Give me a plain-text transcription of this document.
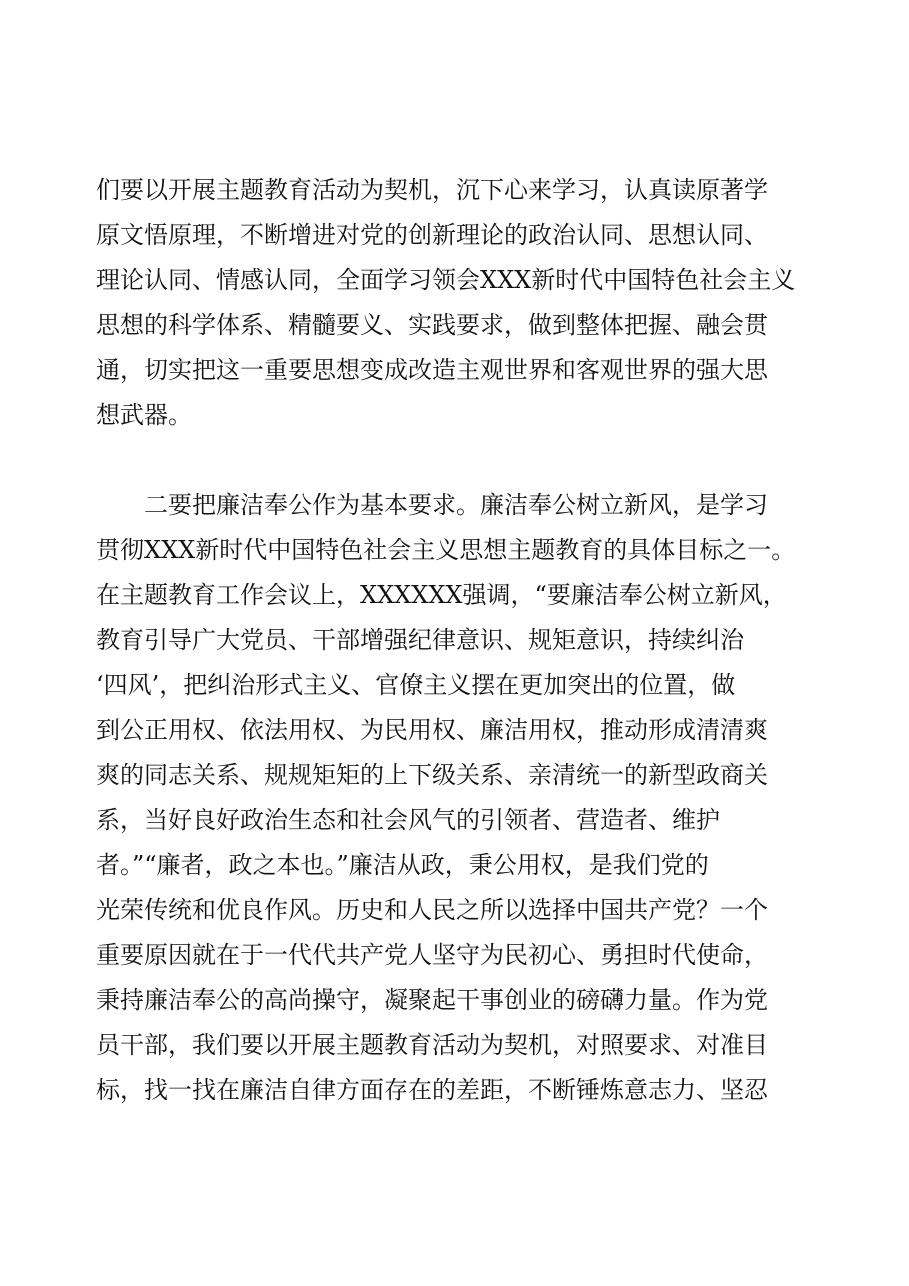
们要以开展主题教育活动为契机，沉下心来学习，认真读原著学
原文悟原理，不断增进对党的创新理论的政治认同、思想认同、
理论认同、情感认同，全面学习领会XXX新时代中国特色社会主义
思想的科学体系、精髓要义、实践要求，做到整体把握、融会贯
通，切实把这一重要思想变成改造主观世界和客观世界的强大思
想武器。
　　二要把廉洁奉公作为基本要求。廉洁奉公树立新风，是学习
贯彻XXX新时代中国特色社会主义思想主题教育的具体目标之一。
在主题教育工作会议上，XXXXXX强调，“要廉洁奉公树立新风，
教育引导广大党员、干部增强纪律意识、规矩意识，持续纠治
‘四风’，把纠治形式主义、官僚主义摆在更加突出的位置，做
到公正用权、依法用权、为民用权、廉洁用权，推动形成清清爽
爽的同志关系、规规矩矩的上下级关系、亲清统一的新型政商关
系，当好良好政治生态和社会风气的引领者、营造者、维护
者。”“廉者，政之本也。”廉洁从政，秉公用权，是我们党的
光荣传统和优良作风。历史和人民之所以选择中国共产党？一个
重要原因就在于一代代共产党人坚守为民初心、勇担时代使命，
秉持廉洁奉公的高尚操守，凝聚起干事创业的磅礴力量。作为党
员干部，我们要以开展主题教育活动为契机，对照要求、对准目
标，找一找在廉洁自律方面存在的差距，不断锤炼意志力、坚忍
